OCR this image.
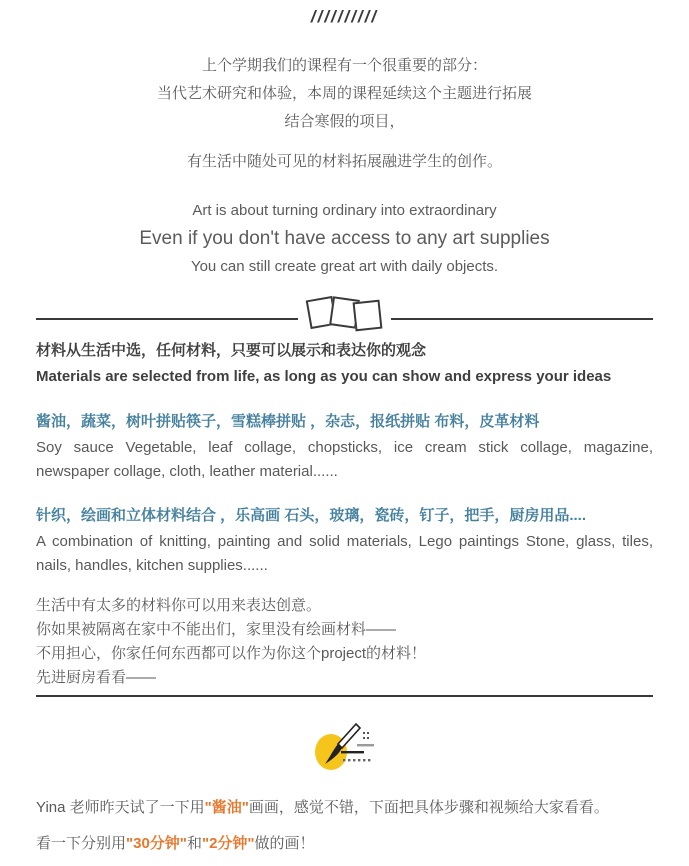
//////////
上个学期我们的课程有一个很重要的部分：
当代艺术研究和体验，本周的课程延续这个主题进行拓展
结合寒假的项目，
有生活中随处可见的材料拓展融进学生的创作。
Art is about turning ordinary into extraordinary
Even if you don't have access to any art supplies
You can still create great art with daily objects.
材料从生活中选，任何材料，只要可以展示和表达你的观念
Materials are selected from life, as long as you can show and express your ideas
酱油，蔬菜，树叶拼贴筷子，雪糕棒拼贴 ，杂志，报纸拼贴 布料，皮革材料
Soy sauce Vegetable, leaf collage, chopsticks, ice cream stick collage, magazine, newspaper collage, cloth, leather material......
针织，绘画和立体材料结合 ，乐高画 石头，玻璃，瓷砖，钉子，把手，厨房用品....
A combination of knitting, painting and solid materials, Lego paintings Stone, glass, tiles, nails, handles, kitchen supplies......
生活中有太多的材料你可以用来表达创意。
你如果被隔离在家中不能出们，家里没有绘画材料——
不用担心，你家任何东西都可以作为你这个project的材料！
先进厨房看看——
Yina 老师昨天试了一下用"酱油"画画，感觉不错，下面把具体步骤和视频给大家看看。
看一下分别用"30分钟"和"2分钟"做的画！
